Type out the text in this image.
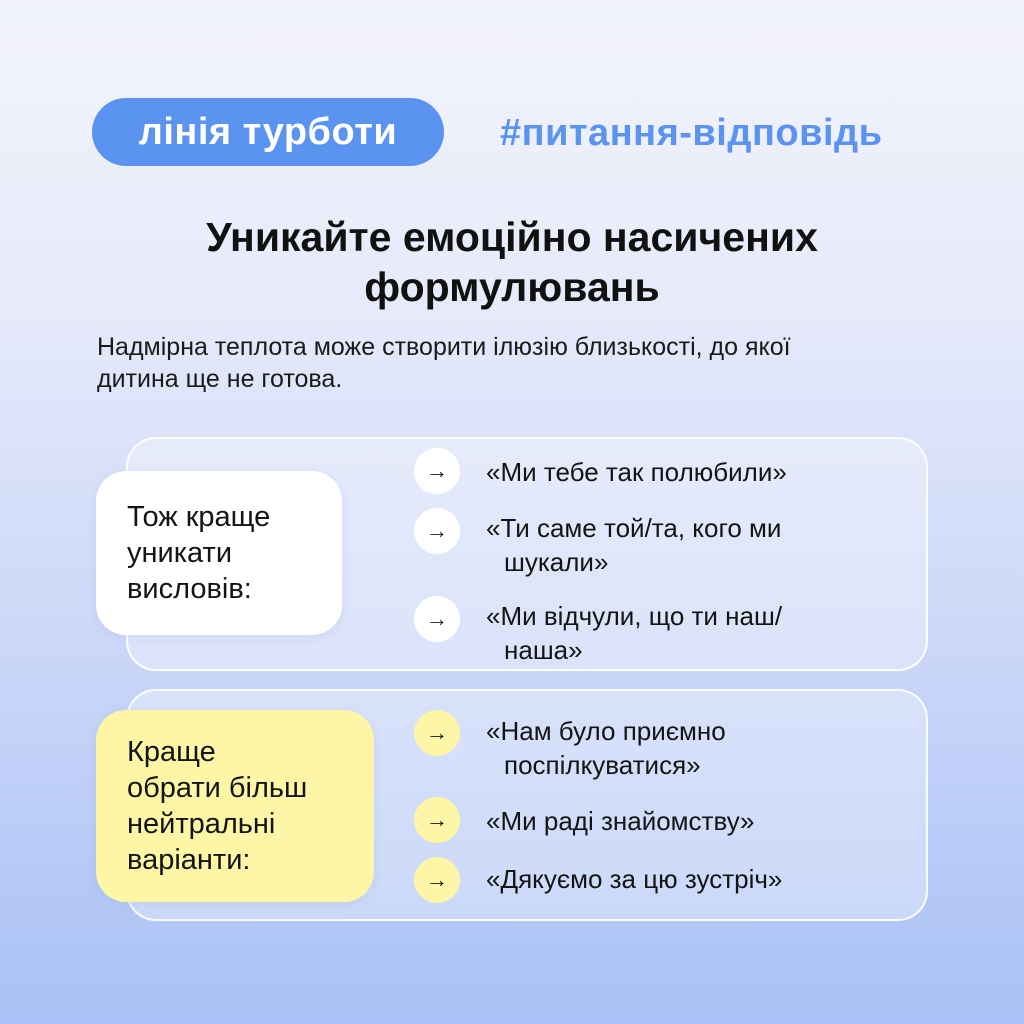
лінія турботи	#питання-відповідь
Уникайте емоційно насичених
формулювань
Надмірна теплота може створити ілюзію близькості, до якої
дитина ще не готова.
Тож краще
уникати
висловів:
→	«Ми тебе так полюбили»
→	«Ти саме той/та, кого ми
шукали»
→	«Ми відчули, що ти наш/
наша»
Краще
обрати більш
нейтральні
варіанти:
→	«Нам було приємно
поспілкуватися»
→	«Ми раді знайомству»
→	«Дякуємо за цю зустріч»
